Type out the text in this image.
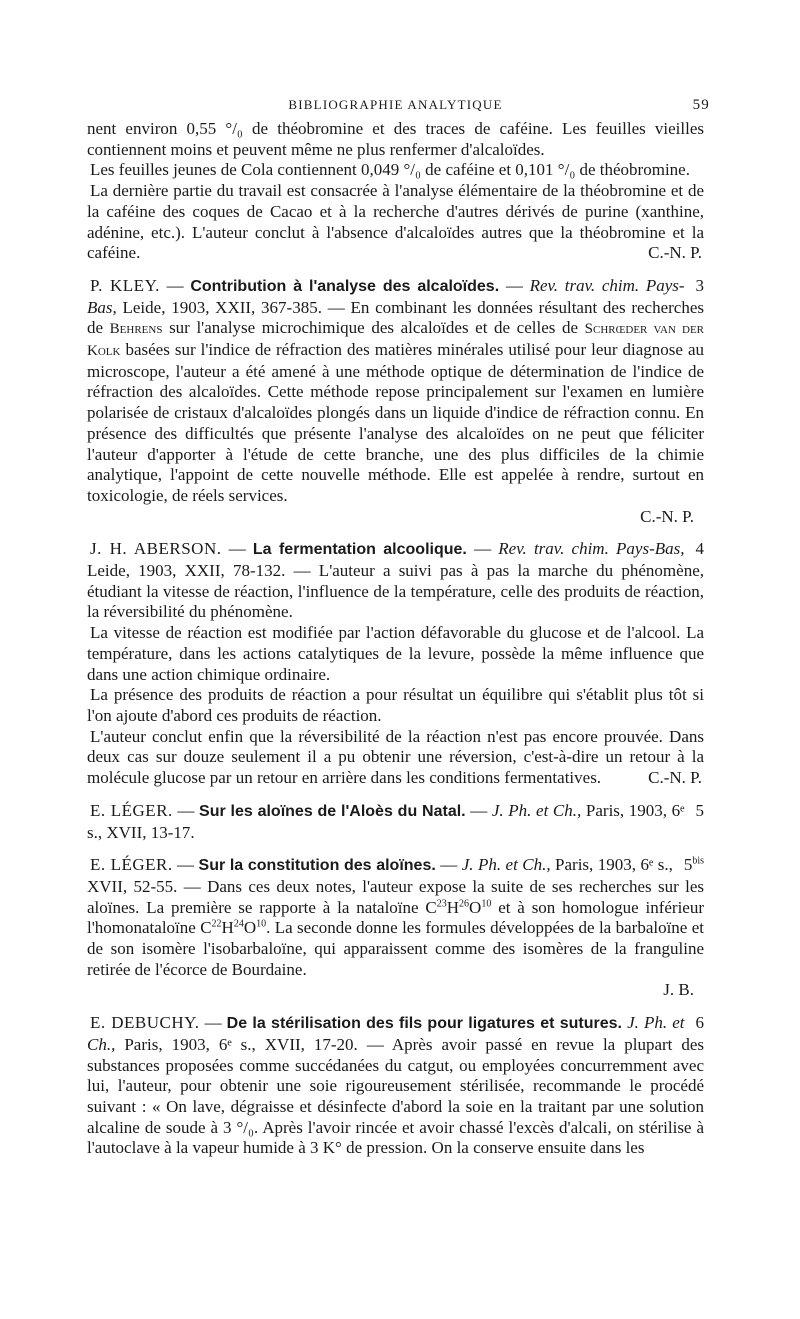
BIBLIOGRAPHIE ANALYTIQUE	59

nent environ 0,55 °/₀ de théobromine et des traces de caféine. Les feuilles vieilles contiennent moins et peuvent même ne plus renfermer d'alcaloïdes.

Les feuilles jeunes de Cola contiennent 0,049 °/₀ de caféine et 0,101 °/₀ de théobromine.

La dernière partie du travail est consacrée à l'analyse élémentaire de la théobromine et de la caféine des coques de Cacao et à la recherche d'autres dérivés de purine (xanthine, adénine, etc.). L'auteur conclut à l'absence d'alcaloïdes autres que la théobromine et la caféine.	C.-N. P.

3
P. KLEY. — Contribution à l'analyse des alcaloïdes. — Rev. trav. chim. Pays-Bas, Leide, 1903, XXII, 367-385. — En combinant les données résultant des recherches de Behrens sur l'analyse microchimique des alcaloïdes et de celles de Schrœder van der Kolk basées sur l'indice de réfraction des matières minérales utilisé pour leur diagnose au microscope, l'auteur a été amené à une méthode optique de détermination de l'indice de réfraction des alcaloïdes. Cette méthode repose principalement sur l'examen en lumière polarisée de cristaux d'alcaloïdes plongés dans un liquide d'indice de réfraction connu. En présence des difficultés que présente l'analyse des alcaloïdes on ne peut que féliciter l'auteur d'apporter à l'étude de cette branche, une des plus difficiles de la chimie analytique, l'appoint de cette nouvelle méthode. Elle est appelée à rendre, surtout en toxicologie, de réels services.

C.-N. P.

4
J. H. ABERSON. — La fermentation alcoolique. — Rev. trav. chim. Pays-Bas, Leide, 1903, XXII, 78-132. — L'auteur a suivi pas à pas la marche du phénomène, étudiant la vitesse de réaction, l'influence de la température, celle des produits de réaction, la réversibilité du phénomène.

La vitesse de réaction est modifiée par l'action défavorable du glucose et de l'alcool. La température, dans les actions catalytiques de la levure, possède la même influence que dans une action chimique ordinaire.

La présence des produits de réaction a pour résultat un équilibre qui s'établit plus tôt si l'on ajoute d'abord ces produits de réaction.

L'auteur conclut enfin que la réversibilité de la réaction n'est pas encore prouvée. Dans deux cas sur douze seulement il a pu obtenir une réversion, c'est-à-dire un retour à la molécule glucose par un retour en arrière dans les conditions fermentatives.	C.-N. P.

5
E. LÉGER. — Sur les aloïnes de l'Aloès du Natal. — J. Ph. et Ch., Paris, 1903, 6ᵉ s., XVII, 13-17.

$5^{bis}$
E. LÉGER. — Sur la constitution des aloïnes. — J. Ph. et Ch., Paris, 1903, 6ᵉ s., XVII, 52-55. — Dans ces deux notes, l'auteur expose la suite de ses recherches sur les aloïnes. La première se rapporte à la nataloïne $C^{23}H^{26}O^{10}$ et à son homologue inférieur l'homonataloïne $C^{22}H^{24}O^{10}$. La seconde donne les formules développées de la barbaloïne et de son isomère l'isobarbaloïne, qui apparaissent comme des isomères de la franguline retirée de l'écorce de Bourdaine.

J. B.

6
E. DEBUCHY. — De la stérilisation des fils pour ligatures et sutures. J. Ph. et Ch., Paris, 1903, 6ᵉ s., XVII, 17-20. — Après avoir passé en revue la plupart des substances proposées comme succédanées du catgut, ou employées concurremment avec lui, l'auteur, pour obtenir une soie rigoureusement stérilisée, recommande le procédé suivant : « On lave, dégraisse et désinfecte d'abord la soie en la traitant par une solution alcaline de soude à 3 °/₀. Après l'avoir rincée et avoir chassé l'excès d'alcali, on stérilise à l'autoclave à la vapeur humide à 3 K° de pression. On la conserve ensuite dans les
